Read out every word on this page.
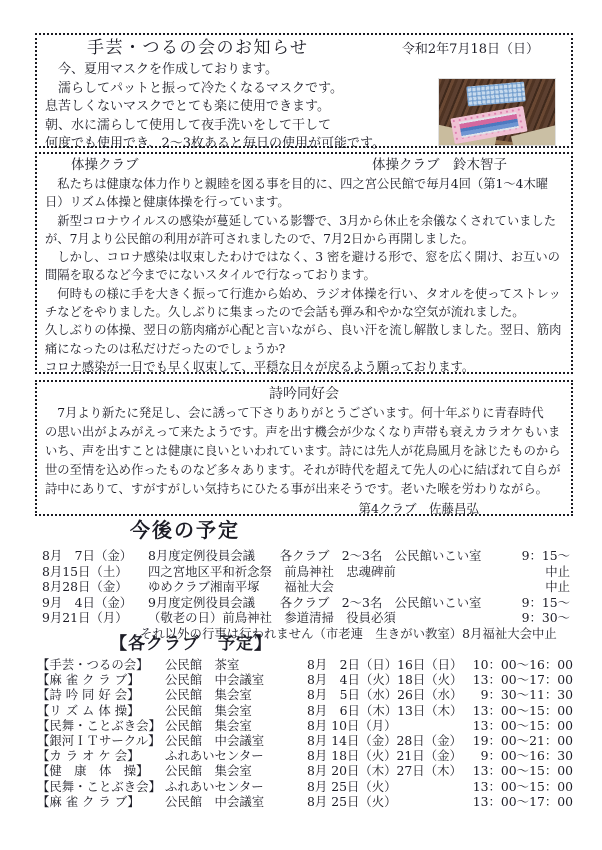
手芸・つるの会のお知らせ	令和2年7月18日（日）
　今、夏用マスクを作成しております。
　濡らしてパットと振って冷たくなるマスクです。
息苦しくないマスクでとても楽に使用できます。
朝、水に濡らして使用して夜手洗いをして干して
何度でも使用でき、2～3枚あると毎日の使用が可能です。
体操クラブ	体操クラブ　鈴木智子
　私たちは健康な体力作りと親睦を図る事を目的に、四之宮公民館で毎月4回（第1～4木曜
日）リズム体操と健康体操を行っています。
　新型コロナウイルスの感染が蔓延している影響で、3月から休止を余儀なくされていました
が、7月より公民館の利用が許可されましたので、7月2日から再開しました。
　しかし、コロナ感染は収束したわけではなく、3 密を避ける形で、窓を広く開け、お互いの
間隔を取るなど今までにないスタイルで行なっております。
　何時もの様に手を大きく振って行進から始め、ラジオ体操を行い、タオルを使ってストレッ
チなどをやりました。久しぶりに集まったので会話も弾み和やかな空気が流れました。
久しぶりの体操、翌日の筋肉痛が心配と言いながら、良い汗を流し解散しました。翌日、筋肉
痛になったのは私だけだったのでしょうか?
コロナ感染が一日でも早く収束して、平穏な日々が戻るよう願っております。
詩吟同好会
　7月より新たに発足し、会に誘って下さりありがとうございます。何十年ぶりに青春時代
の思い出がよみがえって来たようです。声を出す機会が少なくなり声帯も衰えカラオケもいま
いち、声を出すことは健康に良いといわれています。詩には先人が花鳥風月を詠じたものから
世の至情を込め作ったものなど多々あります。それが時代を超えて先人の心に結ばれて自らが
詩中にありて、すがすがしい気持ちにひたる事が出来そうです。老いた喉を労わりながら。
第4クラブ　佐藤昌弘
今後の予定
8月　7日（金）	8月度定例役員会議　　各クラブ　2～3名　公民館いこい室	9：15～
8月15日（土）	四之宮地区平和祈念祭　前鳥神社　忠魂碑前	中止
8月28日（金）	ゆめクラブ湘南平塚　　福祉大会	中止
9月　4日（金）	9月度定例役員会議　　各クラブ　2～3名　公民館いこい室	9：15～
9月21日（月）	（敬老の日）前鳥神社　参道清掃　役員必須	9：30～
それ以外の行事は行われません（市老連　生きがい教室）8月福祉大会中止
【各クラブ　予定】
【手芸・つるの会】	公民館　茶室	8月　2日（日）16日（日） 10：00～16：00
【麻 雀 ク ラ ブ】	公民館　中会議室	8月　4日（火）18日（火） 13：00～17：00
【詩 吟 同 好 会】	公民館　集会室	8月　5日（水）26日（水）	9：30～11：30
【リ ズ ム 体 操】	公民館　集会室	8月　6日（木）13日（木） 13：00～15：00
【民舞・ことぶき会】 公民館　集会室	8月 10日（月）	13：00～15：00
【銀河ＩＴサークル】 公民館　中会議室	8月 14日（金）28日（金） 19：00～21：00
【カ ラ オ ケ 会】	ふれあいセンター	8月 18日（火）21日（金）	9：00～16：30
【健　康　体　操】	公民館　集会室	8月 20日（木）27日（木） 13：00～15：00
【民舞・ことぶき会】 ふれあいセンター	8月 25日（火）	13：00～15：00
【麻 雀 ク ラ ブ】	公民館　中会議室	8月 25日（火）	13：00～17：00
